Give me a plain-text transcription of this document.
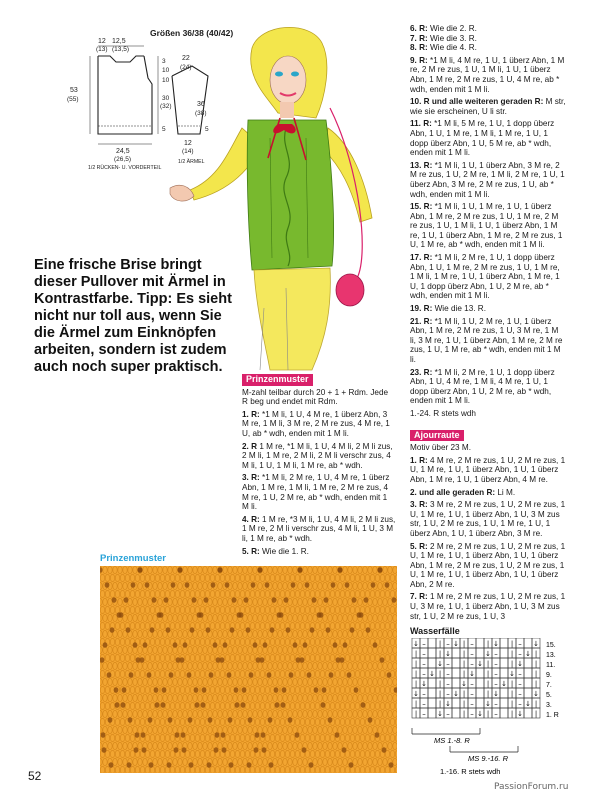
Größen 36/38 (40/42)
12 12,5
(13) (13,5)
53
(55)
3
10
10
30
(32)
5
24,5
(26,5)
1/2 RÜCKEN- U. VORDERTEIL
22
(24)
36
(38)
5
12
(14)
1/2 ÄRMEL
Eine frische Brise bringt dieser Pullover mit Ärmel in Kontrastfarbe. Tipp: Es sieht nicht nur toll aus, wenn Sie die Ärmel zum Einknöpfen arbeiten, sondern ist zudem auch noch super praktisch.
Prinzenmuster
M-zahl teilbar durch 20 + 1 + Rdm. Jede R beg und endet mit Rdm.
1. R: *1 M li, 1 U, 4 M re, 1 überz Abn, 3 M re, 1 M li, 3 M re, 2 M re zus, 4 M re, 1 U, ab * wdh, enden mit 1 M li.
2. R 1 M re, *1 M li, 1 U, 4 M li, 2 M li zus, 2 M li, 1 M re, 2 M li, 2 M li verschr zus, 4 M li, 1 U, 1 M li, 1 M re, ab * wdh.
3. R: *1 M li, 2 M re, 1 U, 4 M re, 1 überz Abn, 1 M re, 1 M li, 1 M re, 2 M re zus, 4 M re, 1 U, 2 M re, ab * wdh, enden mit 1 M li.
4. R: 1 M re, *3 M li, 1 U, 4 M li, 2 M li zus, 1 M re, 2 M li verschr zus, 4 M li, 1 U, 3 M li, 1 M re, ab * wdh.
5. R: Wie die 1. R.
6. R: Wie die 2. R.
7. R: Wie die 3. R.
8. R: Wie die 4. R.
9. R: *1 M li, 4 M re, 1 U, 1 überz Abn, 1 M re, 2 M re zus, 1 U, 1 M li, 1 U, 1 überz Abn, 1 M re, 2 M re zus, 1 U, 4 M re, ab * wdh, enden mit 1 M li.
10. R und alle weiteren geraden R: M str, wie sie erscheinen, U li str.
11. R: *1 M li, 5 M re, 1 U, 1 dopp überz Abn, 1 U, 1 M re, 1 M li, 1 M re, 1 U, 1 dopp überz Abn, 1 U, 5 M re, ab * wdh, enden mit 1 M li.
13. R: *1 M li, 1 U, 1 überz Abn, 3 M re, 2 M re zus, 1 U, 2 M re, 1 M li, 2 M re, 1 U, 1 überz Abn, 3 M re, 2 M re zus, 1 U, ab * wdh, enden mit 1 M li.
15. R: *1 M li, 1 U, 1 M re, 1 U, 1 überz Abn, 1 M re, 2 M re zus, 1 U, 1 M re, 2 M re zus, 1 U, 1 M li, 1 U, 1 überz Abn, 1 M re, 1 U, 1 überz Abn, 1 M re, 2 M re zus, 1 U, 1 M re, ab * wdh, enden mit 1 M li.
17. R: *1 M li, 2 M re, 1 U, 1 dopp überz Abn, 1 U, 1 M re, 2 M re zus, 1 U, 1 M re, 1 M li, 1 M re, 1 U, 1 überz Abn, 1 M re, 1 U, 1 dopp überz Abn, 1 U, 2 M re, ab * wdh, enden mit 1 M li.
19. R: Wie die 13. R.
21. R: *1 M li, 1 U, 2 M re, 1 U, 1 überz Abn, 1 M re, 2 M re zus, 1 U, 3 M re, 1 M li, 3 M re, 1 U, 1 überz Abn, 1 M re, 2 M re zus, 1 U, 1 M re, ab * wdh, enden mit 1 M li.
23. R: *1 M li, 2 M re, 1 U, 1 dopp überz Abn, 1 U, 4 M re, 1 M li, 4 M re, 1 U, 1 dopp überz Abn, 1 U, 2 M re, ab * wdh, enden mit 1 M li.
1.-24. R stets wdh
Ajourraute
Motiv über 23 M.
1. R: 4 M re, 2 M re zus, 1 U, 2 M re zus, 1 U, 1 M re, 1 U, 1 überz Abn, 1 U, 1 überz Abn, 1 M re, 1 U, 1 überz Abn, 4 M re.
2. und alle geraden R: Li M.
3. R: 3 M re, 2 M re zus, 1 U, 2 M re zus, 1 U, 1 M re, 1 U, 1 überz Abn, 1 U, 3 M zus str, 1 U, 2 M re zus, 1 U, 1 M re, 1 U, 1 überz Abn, 1 U, 1 überz Abn, 3 M re.
5. R: 2 M re, 2 M re zus, 1 U, 2 M re zus, 1 U, 1 M re, 1 U, 1 überz Abn, 1 U, 1 überz Abn, 1 M re, 2 M re zus, 1 U, 2 M re zus, 1 U, 1 M re, 1 U, 1 überz Abn, 1 U, 1 überz Abn, 2 M re.
7. R: 1 M re, 2 M re zus, 1 U, 2 M re zus, 1 U, 3 M re, 1 U, 1 überz Abn, 1 U, 3 M zus str, 1 U, 2 M re zus, 1 U, 3
Wasserfälle
↓ – | – ↓ | – | ↓ | – ↓
| – | ↓ | – ↓ – | – ↓ |
| – ↓ – | – ↓ | – | ↓ |
| – ↓ | – | ↓ | – ↓ – |
| ↓ | – ↓ – | – ↓ | – |
↓ – | – ↓ | – | ↓ | – ↓
| – | ↓ | – ↓ – | – ↓ |
| – ↓ – | – ↓ | – | ↓ |
15.
13.
11.
9.
7.
5.
3.
1. R
MS 1.-8. R
MS 9.-16. R
1.-16. R stets wdh
Prinzenmuster
52
PassionForum.ru
